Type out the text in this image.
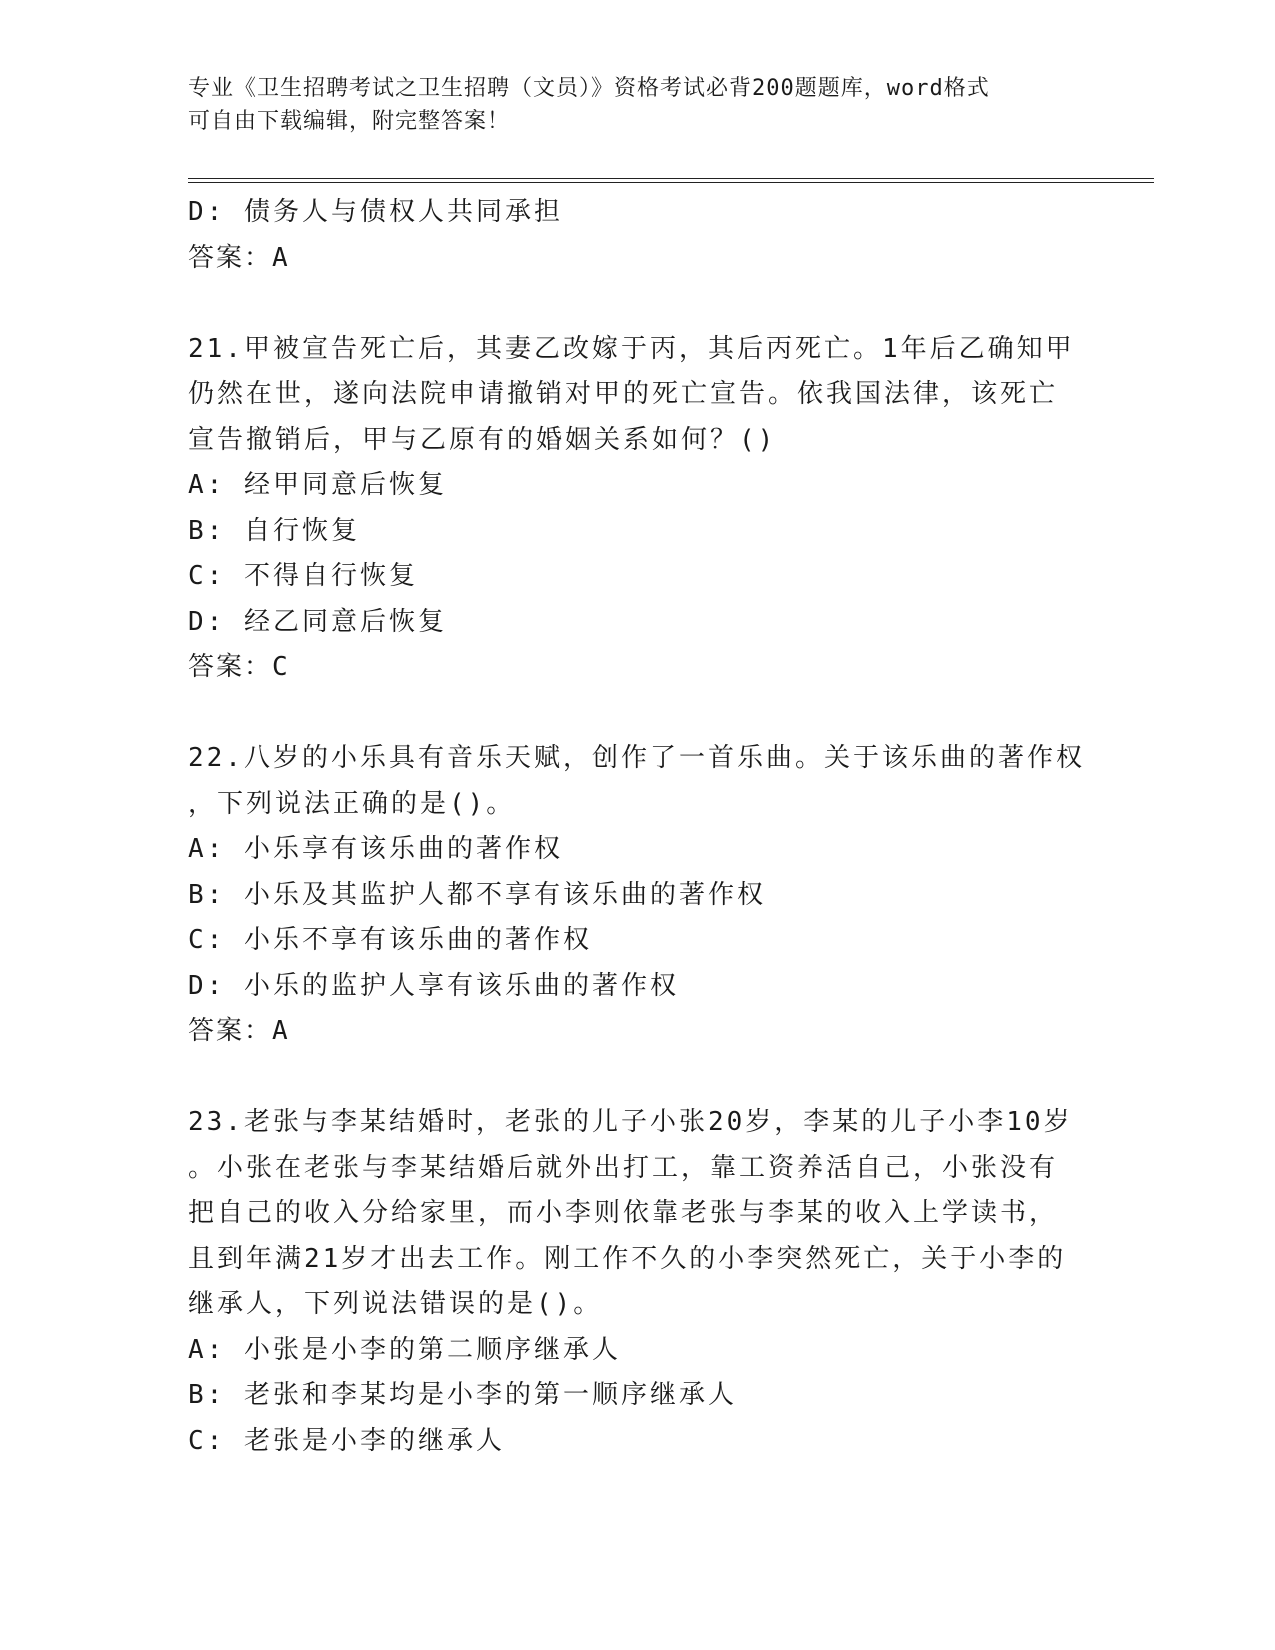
专业《卫生招聘考试之卫生招聘（文员）》资格考试必背200题题库，word格式
可自由下载编辑，附完整答案！
D: 债务人与债权人共同承担
答案：A
21.甲被宣告死亡后，其妻乙改嫁于丙，其后丙死亡。1年后乙确知甲
仍然在世，遂向法院申请撤销对甲的死亡宣告。依我国法律，该死亡
宣告撤销后，甲与乙原有的婚姻关系如何？()
A: 经甲同意后恢复
B: 自行恢复
C: 不得自行恢复
D: 经乙同意后恢复
答案：C
22.八岁的小乐具有音乐天赋，创作了一首乐曲。关于该乐曲的著作权
，下列说法正确的是()。
A: 小乐享有该乐曲的著作权
B: 小乐及其监护人都不享有该乐曲的著作权
C: 小乐不享有该乐曲的著作权
D: 小乐的监护人享有该乐曲的著作权
答案：A
23.老张与李某结婚时，老张的儿子小张20岁，李某的儿子小李10岁
。小张在老张与李某结婚后就外出打工，靠工资养活自己，小张没有
把自己的收入分给家里，而小李则依靠老张与李某的收入上学读书，
且到年满21岁才出去工作。刚工作不久的小李突然死亡，关于小李的
继承人，下列说法错误的是()。
A: 小张是小李的第二顺序继承人
B: 老张和李某均是小李的第一顺序继承人
C: 老张是小李的继承人
